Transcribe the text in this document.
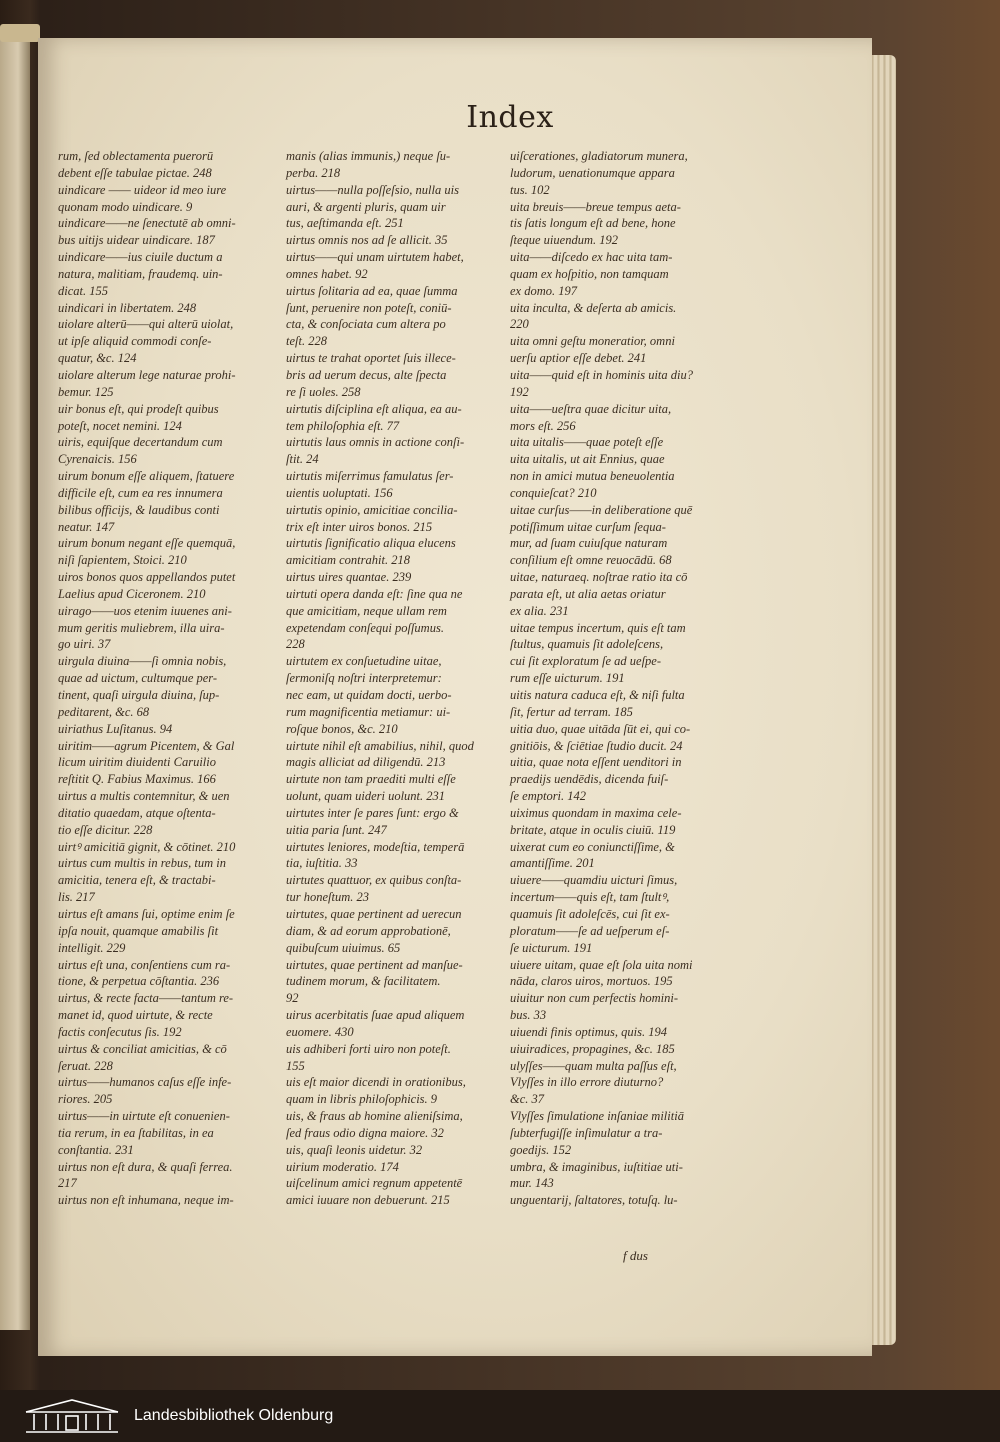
Index
rum, ſed oblectamenta puerorū
debent eſſe tabulae pictae. 248
uindicare —— uideor id meo iure
quonam modo uindicare. 9
uindicare——ne ſenectutē ab omni-
bus uitijs uidear uindicare. 187
uindicare——ius ciuile ductum a
natura, malitiam, fraudemq. uin-
dicat. 155
uindicari in libertatem. 248
uiolare alterū——qui alterū uiolat,
ut ipſe aliquid commodi conſe-
quatur, &c. 124
uiolare alterum lege naturae prohi-
bemur. 125
uir bonus eſt, qui prodeſt quibus
poteſt, nocet nemini. 124
uiris, equiſque decertandum cum
Cyrenaicis. 156
uirum bonum eſſe aliquem, ſtatuere
difficile eſt, cum ea res innumera
bilibus officijs, & laudibus conti
neatur. 147
uirum bonum negant eſſe quemquā,
niſi ſapientem, Stoici. 210
uiros bonos quos appellandos putet
Laelius apud Ciceronem. 210
uirago——uos etenim iuuenes ani-
mum geritis muliebrem, illa uira-
go uiri. 37
uirgula diuina——ſi omnia nobis,
quae ad uictum, cultumque per-
tinent, quaſi uirgula diuina, ſup-
peditarent, &c. 68
uiriathus Luſitanus. 94
uiritim——agrum Picentem, & Gal
licum uiritim diuidenti Caruilio
reſtitit Q. Fabius Maximus. 166
uirtus a multis contemnitur, & uen
ditatio quaedam, atque oſtenta-
tio eſſe dicitur. 228
uirtꝰ amicitiā gignit, & cōtinet. 210
uirtus cum multis in rebus, tum in
amicitia, tenera eſt, & tractabi-
lis. 217
uirtus eſt amans ſui, optime enim ſe
ipſa nouit, quamque amabilis ſit
intelligit. 229
uirtus eſt una, conſentiens cum ra-
tione, & perpetua cōſtantia. 236
uirtus, & recte facta——tantum re-
manet id, quod uirtute, & recte
factis conſecutus ſis. 192
uirtus & conciliat amicitias, & cō
ſeruat. 228
uirtus——humanos caſus eſſe infe-
riores. 205
uirtus——in uirtute eſt conuenien-
tia rerum, in ea ſtabilitas, in ea
conſtantia. 231
uirtus non eſt dura, & quaſi ferrea.
217
uirtus non eſt inhumana, neque im-
manis (alias immunis,) neque ſu-
perba. 218
uirtus——nulla poſſeſsio, nulla uis
auri, & argenti pluris, quam uir
tus, aeſtimanda eſt. 251
uirtus omnis nos ad ſe allicit. 35
uirtus——qui unam uirtutem habet,
omnes habet. 92
uirtus ſolitaria ad ea, quae ſumma
ſunt, peruenire non poteſt, coniū-
cta, & conſociata cum altera po
teſt. 228
uirtus te trahat oportet ſuis illece-
bris ad uerum decus, alte ſpecta
re ſi uoles. 258
uirtutis diſciplina eſt aliqua, ea au-
tem philoſophia eſt. 77
uirtutis laus omnis in actione conſi-
ſtit. 24
uirtutis miſerrimus famulatus ſer-
uientis uoluptati. 156
uirtutis opinio, amicitiae concilia-
trix eſt inter uiros bonos. 215
uirtutis ſignificatio aliqua elucens
amicitiam contrahit. 218
uirtus uires quantae. 239
uirtuti opera danda eſt: ſine qua ne
que amicitiam, neque ullam rem
expetendam conſequi poſſumus.
228
uirtutem ex conſuetudine uitae,
ſermoniſq noſtri interpretemur:
nec eam, ut quidam docti, uerbo-
rum magnificentia metiamur: ui-
roſque bonos, &c. 210
uirtute nihil eſt amabilius, nihil, quod
magis alliciat ad diligendū. 213
uirtute non tam praediti multi eſſe
uolunt, quam uideri uolunt. 231
uirtutes inter ſe pares ſunt: ergo &
uitia paria ſunt. 247
uirtutes leniores, modeſtia, temperā
tia, iuſtitia. 33
uirtutes quattuor, ex quibus conſta-
tur honeſtum. 23
uirtutes, quae pertinent ad uerecun
diam, & ad eorum approbationē,
quibuſcum uiuimus. 65
uirtutes, quae pertinent ad manſue-
tudinem morum, & facilitatem.
92
uirus acerbitatis ſuae apud aliquem
euomere. 430
uis adhiberi forti uiro non poteſt.
155
uis eſt maior dicendi in orationibus,
quam in libris philoſophicis. 9
uis, & fraus ab homine alieniſsima,
ſed fraus odio digna maiore. 32
uis, quaſi leonis uidetur. 32
uirium moderatio. 174
uiſcelinum amici regnum appetentē
amici iuuare non debuerunt. 215
uiſcerationes, gladiatorum munera,
ludorum, uenationumque appara
tus. 102
uita breuis——breue tempus aeta-
tis ſatis longum eſt ad bene, hone
ſteque uiuendum. 192
uita——diſcedo ex hac uita tam-
quam ex hoſpitio, non tamquam
ex domo. 197
uita inculta, & deſerta ab amicis.
220
uita omni geſtu moneratior, omni
uerſu aptior eſſe debet. 241
uita——quid eſt in hominis uita diu?
192
uita——ueſtra quae dicitur uita,
mors eſt. 256
uita uitalis——quae poteſt eſſe
uita uitalis, ut ait Ennius, quae
non in amici mutua beneuolentia
conquieſcat? 210
uitae curſus——in deliberatione quē
potiſſimum uitae curſum ſequa-
mur, ad ſuam cuiuſque naturam
conſilium eſt omne reuocādū. 68
uitae, naturaeq. noſtrae ratio ita cō
parata eſt, ut alia aetas oriatur
ex alia. 231
uitae tempus incertum, quis eſt tam
ſtultus, quamuis ſit adoleſcens,
cui ſit exploratum ſe ad ueſpe-
rum eſſe uicturum. 191
uitis natura caduca eſt, & niſi fulta
ſit, fertur ad terram. 185
uitia duo, quae uitāda ſūt ei, qui co-
gnitiōis, & ſciētiae ſtudio ducit. 24
uitia, quae nota eſſent uenditori in
praedijs uendēdis, dicenda fuiſ-
ſe emptori. 142
uiximus quondam in maxima cele-
britate, atque in oculis ciuiū. 119
uixerat cum eo coniunctiſſime, &
amantiſſime. 201
uiuere——quamdiu uicturi ſimus,
incertum——quis eſt, tam ſtultꝰ,
quamuis ſit adoleſcēs, cui ſit ex-
ploratum——ſe ad ueſperum eſ-
ſe uicturum. 191
uiuere uitam, quae eſt ſola uita nomi
nāda, claros uiros, mortuos. 195
uiuitur non cum perfectis homini-
bus. 33
uiuendi finis optimus, quis. 194
uiuiradices, propagines, &c. 185
ulyſſes——quam multa paſſus eſt,
Vlyſſes in illo errore diuturno?
&c. 37
Vlyſſes ſimulatione inſaniae militiā
ſubterfugiſſe inſimulatur a tra-
goedijs. 152
umbra, & imaginibus, iuſtitiae uti-
mur. 143
unguentarij, ſaltatores, totuſq. lu-
f dus
Landesbibliothek Oldenburg
